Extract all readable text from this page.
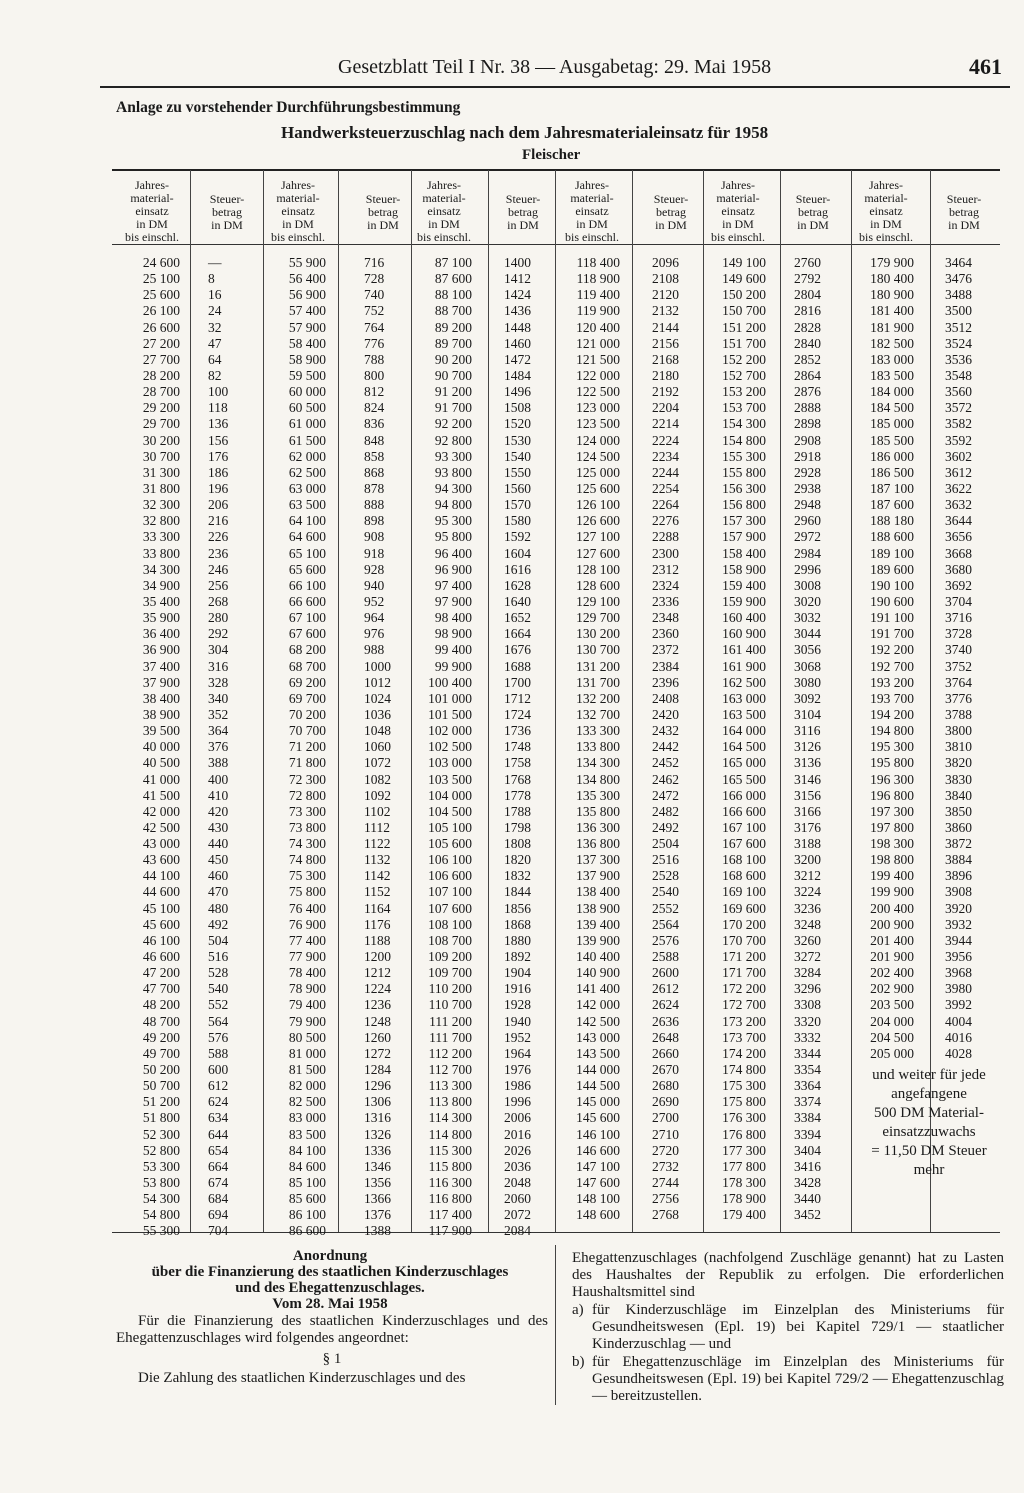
Gesetzblatt Teil I Nr. 38 — Ausgabetag: 29. Mai 1958	461
Anlage zu vorstehender Durchführungsbestimmung
Handwerksteuerzuschlag nach dem Jahresmaterialeinsatz für 1958
Fleischer
Jahres-
material-
einsatz
in DM
bis einschl.
Steuer-
betrag
in DM
24 600
25 100
25 600
26 100
26 600
27 200
27 700
28 200
28 700
29 200
29 700
30 200
30 700
31 300
31 800
32 300
32 800
33 300
33 800
34 300
34 900
35 400
35 900
36 400
36 900
37 400
37 900
38 400
38 900
39 500
40 000
40 500
41 000
41 500
42 000
42 500
43 000
43 600
44 100
44 600
45 100
45 600
46 100
46 600
47 200
47 700
48 200
48 700
49 200
49 700
50 200
50 700
51 200
51 800
52 300
52 800
53 300
53 800
54 300
54 800
55 300
—
8
16
24
32
47
64
82
100
118
136
156
176
186
196
206
216
226
236
246
256
268
280
292
304
316
328
340
352
364
376
388
400
410
420
430
440
450
460
470
480
492
504
516
528
540
552
564
576
588
600
612
624
634
644
654
664
674
684
694
704
Jahres-
material-
einsatz
in DM
bis einschl.
Steuer-
betrag
in DM
55 900
56 400
56 900
57 400
57 900
58 400
58 900
59 500
60 000
60 500
61 000
61 500
62 000
62 500
63 000
63 500
64 100
64 600
65 100
65 600
66 100
66 600
67 100
67 600
68 200
68 700
69 200
69 700
70 200
70 700
71 200
71 800
72 300
72 800
73 300
73 800
74 300
74 800
75 300
75 800
76 400
76 900
77 400
77 900
78 400
78 900
79 400
79 900
80 500
81 000
81 500
82 000
82 500
83 000
83 500
84 100
84 600
85 100
85 600
86 100
86 600
716
728
740
752
764
776
788
800
812
824
836
848
858
868
878
888
898
908
918
928
940
952
964
976
988
1000
1012
1024
1036
1048
1060
1072
1082
1092
1102
1112
1122
1132
1142
1152
1164
1176
1188
1200
1212
1224
1236
1248
1260
1272
1284
1296
1306
1316
1326
1336
1346
1356
1366
1376
1388
Jahres-
material-
einsatz
in DM
bis einschl.
Steuer-
betrag
in DM
87 100
87 600
88 100
88 700
89 200
89 700
90 200
90 700
91 200
91 700
92 200
92 800
93 300
93 800
94 300
94 800
95 300
95 800
96 400
96 900
97 400
97 900
98 400
98 900
99 400
99 900
100 400
101 000
101 500
102 000
102 500
103 000
103 500
104 000
104 500
105 100
105 600
106 100
106 600
107 100
107 600
108 100
108 700
109 200
109 700
110 200
110 700
111 200
111 700
112 200
112 700
113 300
113 800
114 300
114 800
115 300
115 800
116 300
116 800
117 400
117 900
1400
1412
1424
1436
1448
1460
1472
1484
1496
1508
1520
1530
1540
1550
1560
1570
1580
1592
1604
1616
1628
1640
1652
1664
1676
1688
1700
1712
1724
1736
1748
1758
1768
1778
1788
1798
1808
1820
1832
1844
1856
1868
1880
1892
1904
1916
1928
1940
1952
1964
1976
1986
1996
2006
2016
2026
2036
2048
2060
2072
2084
Jahres-
material-
einsatz
in DM
bis einschl.
Steuer-
betrag
in DM
118 400
118 900
119 400
119 900
120 400
121 000
121 500
122 000
122 500
123 000
123 500
124 000
124 500
125 000
125 600
126 100
126 600
127 100
127 600
128 100
128 600
129 100
129 700
130 200
130 700
131 200
131 700
132 200
132 700
133 300
133 800
134 300
134 800
135 300
135 800
136 300
136 800
137 300
137 900
138 400
138 900
139 400
139 900
140 400
140 900
141 400
142 000
142 500
143 000
143 500
144 000
144 500
145 000
145 600
146 100
146 600
147 100
147 600
148 100
148 600
2096
2108
2120
2132
2144
2156
2168
2180
2192
2204
2214
2224
2234
2244
2254
2264
2276
2288
2300
2312
2324
2336
2348
2360
2372
2384
2396
2408
2420
2432
2442
2452
2462
2472
2482
2492
2504
2516
2528
2540
2552
2564
2576
2588
2600
2612
2624
2636
2648
2660
2670
2680
2690
2700
2710
2720
2732
2744
2756
2768
Jahres-
material-
einsatz
in DM
bis einschl.
Steuer-
betrag
in DM
149 100
149 600
150 200
150 700
151 200
151 700
152 200
152 700
153 200
153 700
154 300
154 800
155 300
155 800
156 300
156 800
157 300
157 900
158 400
158 900
159 400
159 900
160 400
160 900
161 400
161 900
162 500
163 000
163 500
164 000
164 500
165 000
165 500
166 000
166 600
167 100
167 600
168 100
168 600
169 100
169 600
170 200
170 700
171 200
171 700
172 200
172 700
173 200
173 700
174 200
174 800
175 300
175 800
176 300
176 800
177 300
177 800
178 300
178 900
179 400
2760
2792
2804
2816
2828
2840
2852
2864
2876
2888
2898
2908
2918
2928
2938
2948
2960
2972
2984
2996
3008
3020
3032
3044
3056
3068
3080
3092
3104
3116
3126
3136
3146
3156
3166
3176
3188
3200
3212
3224
3236
3248
3260
3272
3284
3296
3308
3320
3332
3344
3354
3364
3374
3384
3394
3404
3416
3428
3440
3452
Jahres-
material-
einsatz
in DM
bis einschl.
Steuer-
betrag
in DM
179 900
180 400
180 900
181 400
181 900
182 500
183 000
183 500
184 000
184 500
185 000
185 500
186 000
186 500
187 100
187 600
188 180
188 600
189 100
189 600
190 100
190 600
191 100
191 700
192 200
192 700
193 200
193 700
194 200
194 800
195 300
195 800
196 300
196 800
197 300
197 800
198 300
198 800
199 400
199 900
200 400
200 900
201 400
201 900
202 400
202 900
203 500
204 000
204 500
205 000
3464
3476
3488
3500
3512
3524
3536
3548
3560
3572
3582
3592
3602
3612
3622
3632
3644
3656
3668
3680
3692
3704
3716
3728
3740
3752
3764
3776
3788
3800
3810
3820
3830
3840
3850
3860
3872
3884
3896
3908
3920
3932
3944
3956
3968
3980
3992
4004
4016
4028
und weiter für jede
angefangene
500 DM Material-
einsatzzuwachs
= 11,50 DM Steuer
mehr
Anordnung
über die Finanzierung des staatlichen Kinderzuschlages
und des Ehegattenzuschlages.
Vom 28. Mai 1958
Für die Finanzierung des staatlichen Kinderzuschlages und des Ehegattenzuschlages wird folgendes angeordnet:
§ 1
Die Zahlung des staatlichen Kinderzuschlages und des
Ehegattenzuschlages (nachfolgend Zuschläge genannt) hat zu Lasten des Haushaltes der Republik zu erfolgen. Die erforderlichen Haushaltsmittel sind
a) für Kinderzuschläge im Einzelplan des Ministeriums für Gesundheitswesen (Epl. 19) bei Kapitel 729/1 — staatlicher Kinderzuschlag — und
b) für Ehegattenzuschläge im Einzelplan des Ministeriums für Gesundheitswesen (Epl. 19) bei Kapitel 729/2 — Ehegattenzuschlag — bereitzustellen.
